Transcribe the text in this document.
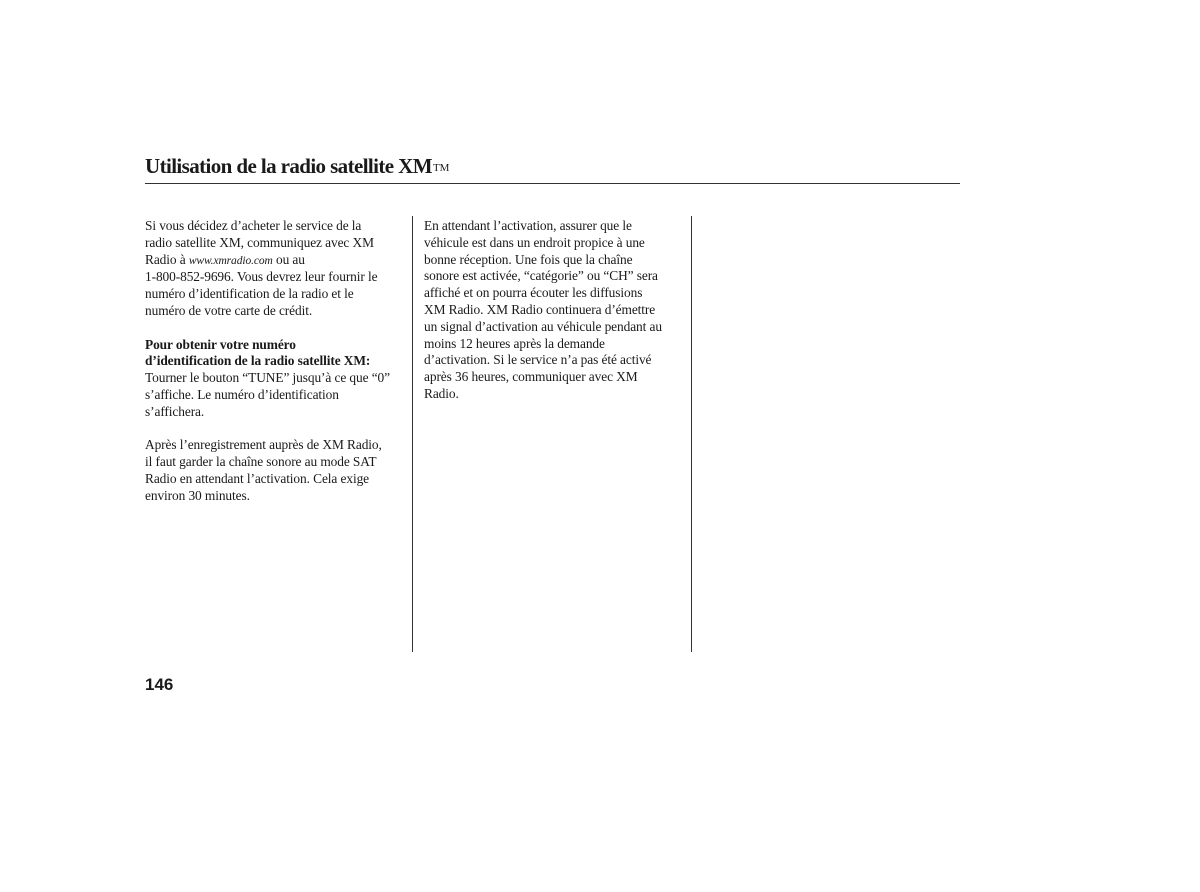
Utilisation de la radio satellite XM™
Si vous décidez d’acheter le service de la
radio satellite XM, communiquez avec XM
Radio à www.xmradio.com ou au
1-800-852-9696. Vous devrez leur fournir le
numéro d’identification de la radio et le
numéro de votre carte de crédit.
Pour obtenir votre numéro
d’identification de la radio satellite XM:
Tourner le bouton “TUNE” jusqu’à ce que “0”
s’affiche. Le numéro d’identification
s’affichera.
Après l’enregistrement auprès de XM Radio,
il faut garder la chaîne sonore au mode SAT
Radio en attendant l’activation. Cela exige
environ 30 minutes.
En attendant l’activation, assurer que le
véhicule est dans un endroit propice à une
bonne réception. Une fois que la chaîne
sonore est activée, “catégorie” ou “CH” sera
affiché et on pourra écouter les diffusions
XM Radio. XM Radio continuera d’émettre
un signal d’activation au véhicule pendant au
moins 12 heures après la demande
d’activation. Si le service n’a pas été activé
après 36 heures, communiquer avec XM
Radio.
146
